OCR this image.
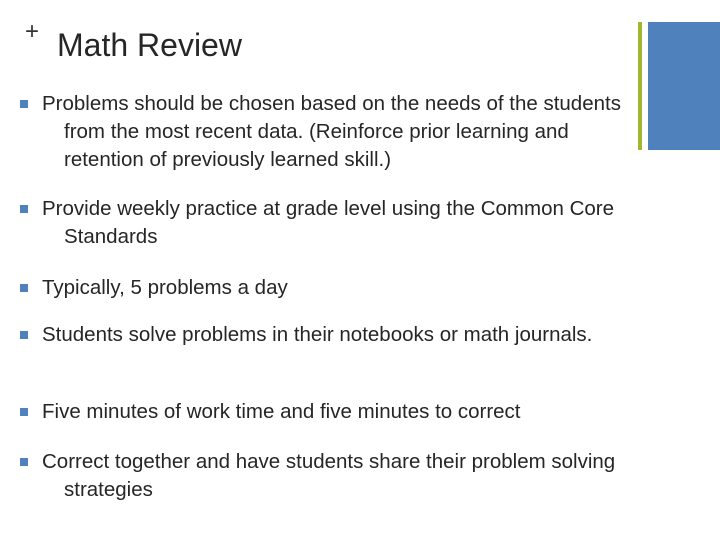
+ Math Review
Problems should be chosen based on the needs of the students from the most recent data. (Reinforce prior learning and retention of previously learned skill.)
Provide weekly practice at grade level using the Common Core Standards
Typically, 5 problems a day
Students solve problems in their notebooks or math journals.
Five minutes of work time and five minutes to correct
Correct together and have students share their problem solving strategies
